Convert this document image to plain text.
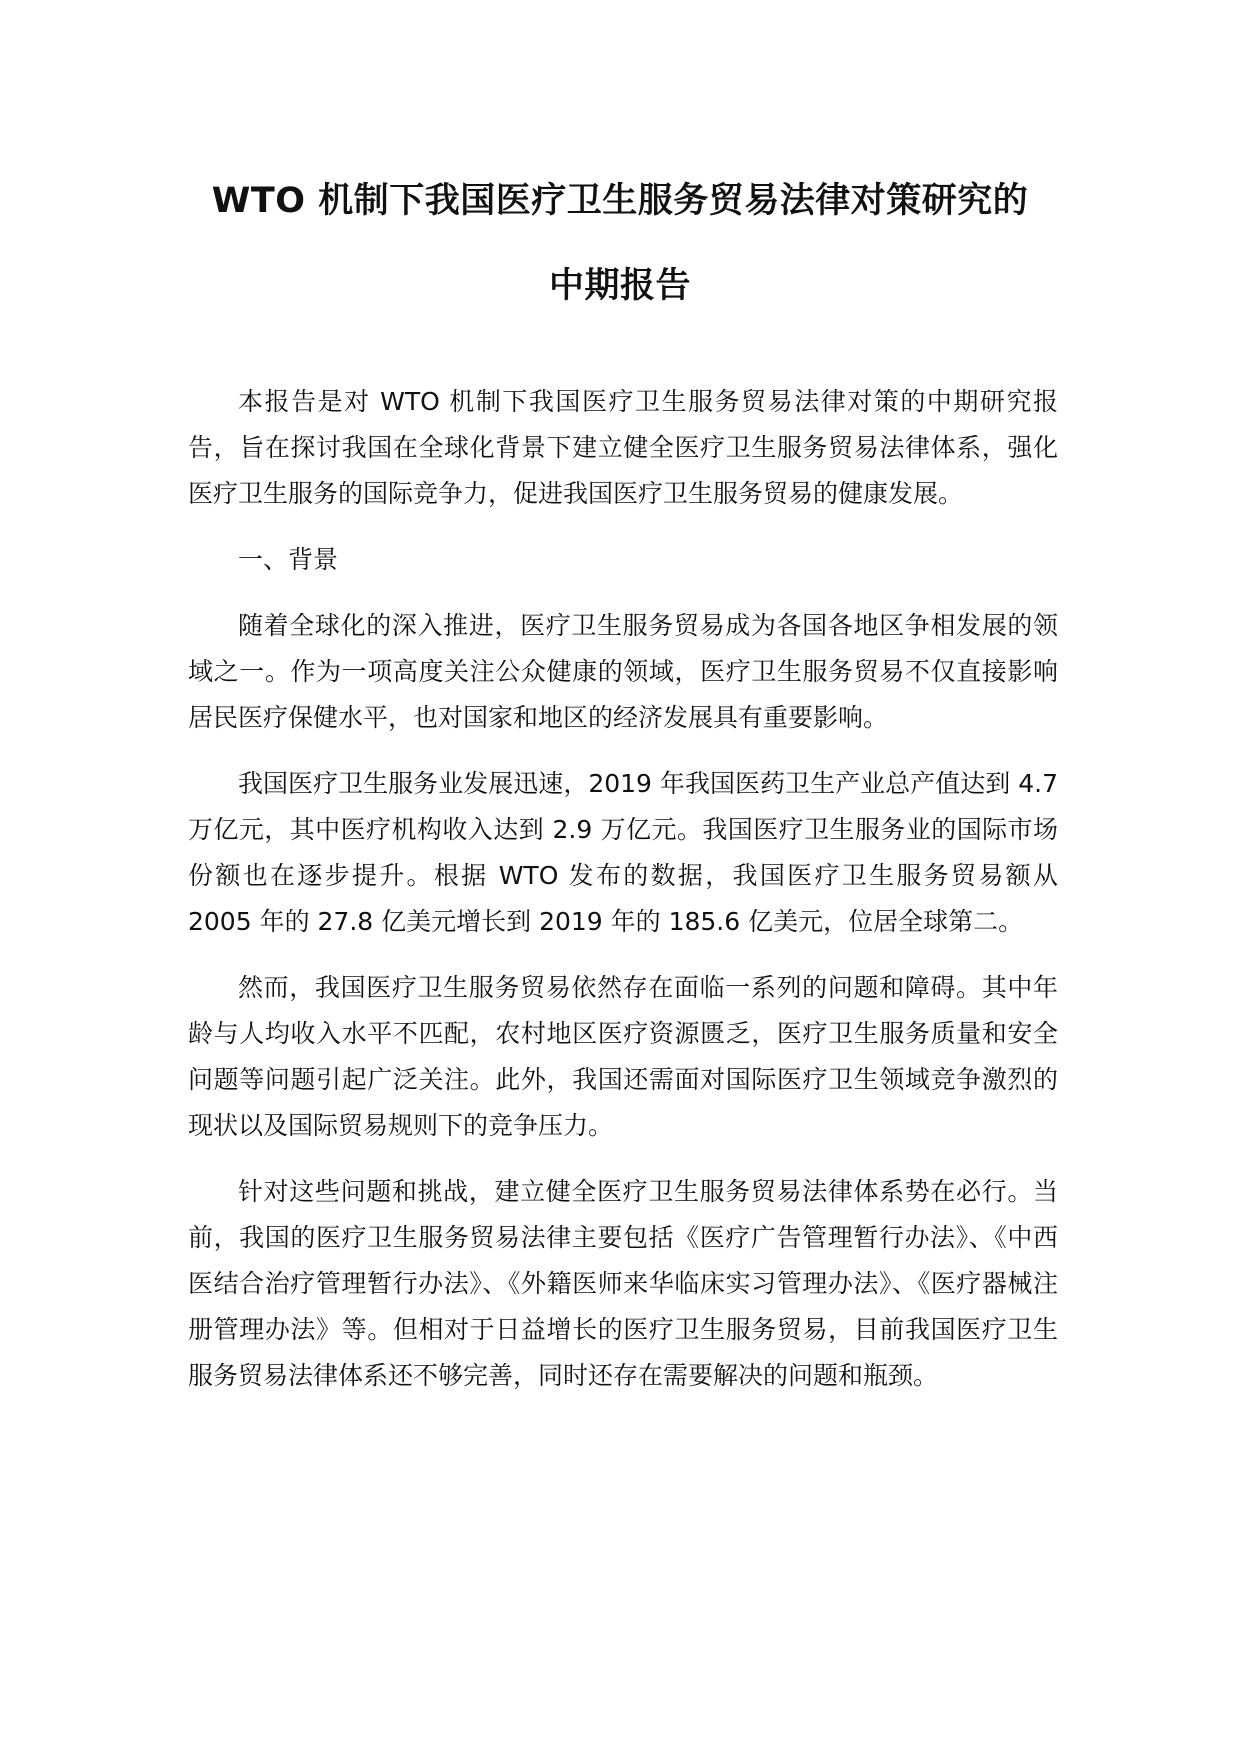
WTO 机制下我国医疗卫生服务贸易法律对策研究的
中期报告

本报告是对 WTO 机制下我国医疗卫生服务贸易法律对策的中期研究报告，旨在探讨我国在全球化背景下建立健全医疗卫生服务贸易法律体系，强化医疗卫生服务的国际竞争力，促进我国医疗卫生服务贸易的健康发展。

一、背景

随着全球化的深入推进，医疗卫生服务贸易成为各国各地区争相发展的领域之一。作为一项高度关注公众健康的领域，医疗卫生服务贸易不仅直接影响居民医疗保健水平，也对国家和地区的经济发展具有重要影响。

我国医疗卫生服务业发展迅速，2019 年我国医药卫生产业总产值达到 4.7 万亿元，其中医疗机构收入达到 2.9 万亿元。我国医疗卫生服务业的国际市场份额也在逐步提升。根据 WTO 发布的数据，我国医疗卫生服务贸易额从 2005 年的 27.8 亿美元增长到 2019 年的 185.6 亿美元，位居全球第二。

然而，我国医疗卫生服务贸易依然存在面临一系列的问题和障碍。其中年龄与人均收入水平不匹配，农村地区医疗资源匮乏，医疗卫生服务质量和安全问题等问题引起广泛关注。此外，我国还需面对国际医疗卫生领域竞争激烈的现状以及国际贸易规则下的竞争压力。

针对这些问题和挑战，建立健全医疗卫生服务贸易法律体系势在必行。当前，我国的医疗卫生服务贸易法律主要包括《医疗广告管理暂行办法》、《中西医结合治疗管理暂行办法》、《外籍医师来华临床实习管理办法》、《医疗器械注册管理办法》等。但相对于日益增长的医疗卫生服务贸易，目前我国医疗卫生服务贸易法律体系还不够完善，同时还存在需要解决的问题和瓶颈。
